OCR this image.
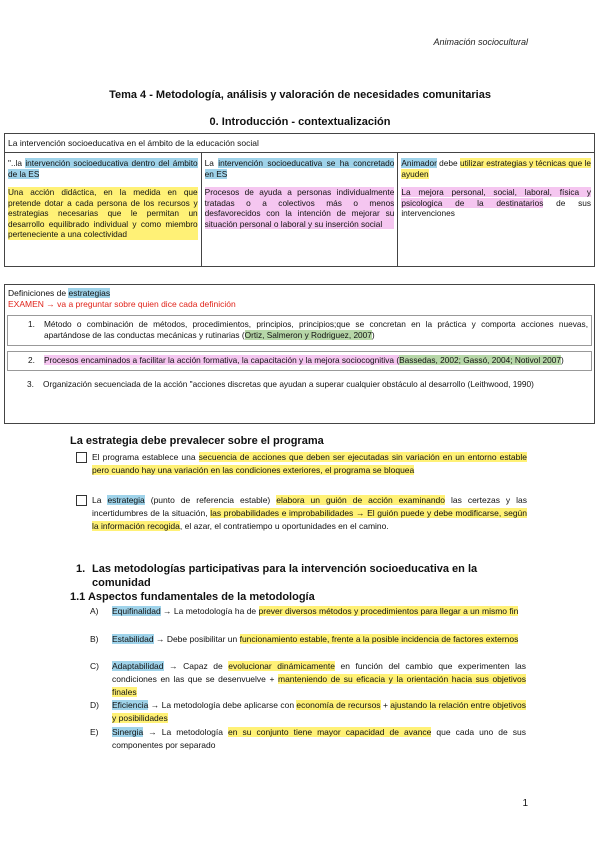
Animación sociocultural
Tema 4 - Metodología, análisis y valoración de necesidades comunitarias
0. Introducción - contextualización
La intervención socioeducativa en el ámbito de la educación social

"..la intervención socioeducativa dentro del ámbito de la ES

Una acción didáctica, en la medida en que pretende dotar a cada persona de los recursos y estrategias necesarias que le permitan un desarrollo equilibrado individual y como miembro perteneciente a una colectividad

La intervención socioeducativa se ha concretado en ES

Procesos de ayuda a personas individualmente tratadas o a colectivos más o menos desfavorecidos con la intención de mejorar su situación personal o laboral y su inserción social

Animador debe utilizar estrategias y técnicas que le ayuden

La mejora personal, social, laboral, física y psicologica de la destinatarios de sus intervenciones

Definiciones de estrategias
EXAMEN → va a preguntar sobre quien dice cada definición
1. Método o combinación de métodos, procedimientos, principios, principios;que se concretan en la práctica y comporta acciones nuevas, apartándose de las conductas mecánicas y rutinarias (Ortiz, Salmeron y Rodriguez, 2007)
2. Procesos encaminados a facilitar la acción formativa, la capacitación y la mejora sociocognitiva (Bassedas, 2002; Gassó, 2004; Notivol 2007)
3. Organización secuenciada de la acción "acciones discretas que ayudan a superar cualquier obstáculo al desarrollo (Leithwood, 1990)
La estrategia debe prevalecer sobre el programa
El programa establece una secuencia de acciones que deben ser ejecutadas sin variación en un entorno estable pero cuando hay una variación en las condiciones exteriores, el programa se bloquea
La estrategia (punto de referencia estable) elabora un guión de acción examinando las certezas y las incertidumbres de la situación, las probabilidades e improbabilidades → El guión puede y debe modificarse, según la información recogida, el azar, el contratiempo u oportunidades en el camino.
1. Las metodologías participativas para la intervención socioeducativa en la comunidad
1.1 Aspectos fundamentales de la metodología
A) Equifinalidad → La metodología ha de prever diversos métodos y procedimientos para llegar a un mismo fin
B) Estabilidad → Debe posibilitar un funcionamiento estable, frente a la posible incidencia de factores externos
C) Adaptabilidad → Capaz de evolucionar dinámicamente en función del cambio que experimenten las condiciones en las que se desenvuelve + manteniendo de su eficacia y la orientación hacia sus objetivos finales
D) Eficiencia → La metodología debe aplicarse con economía de recursos + ajustando la relación entre objetivos y posibilidades
E) Sinergia → La metodología en su conjunto tiene mayor capacidad de avance que cada uno de sus componentes por separado
1
